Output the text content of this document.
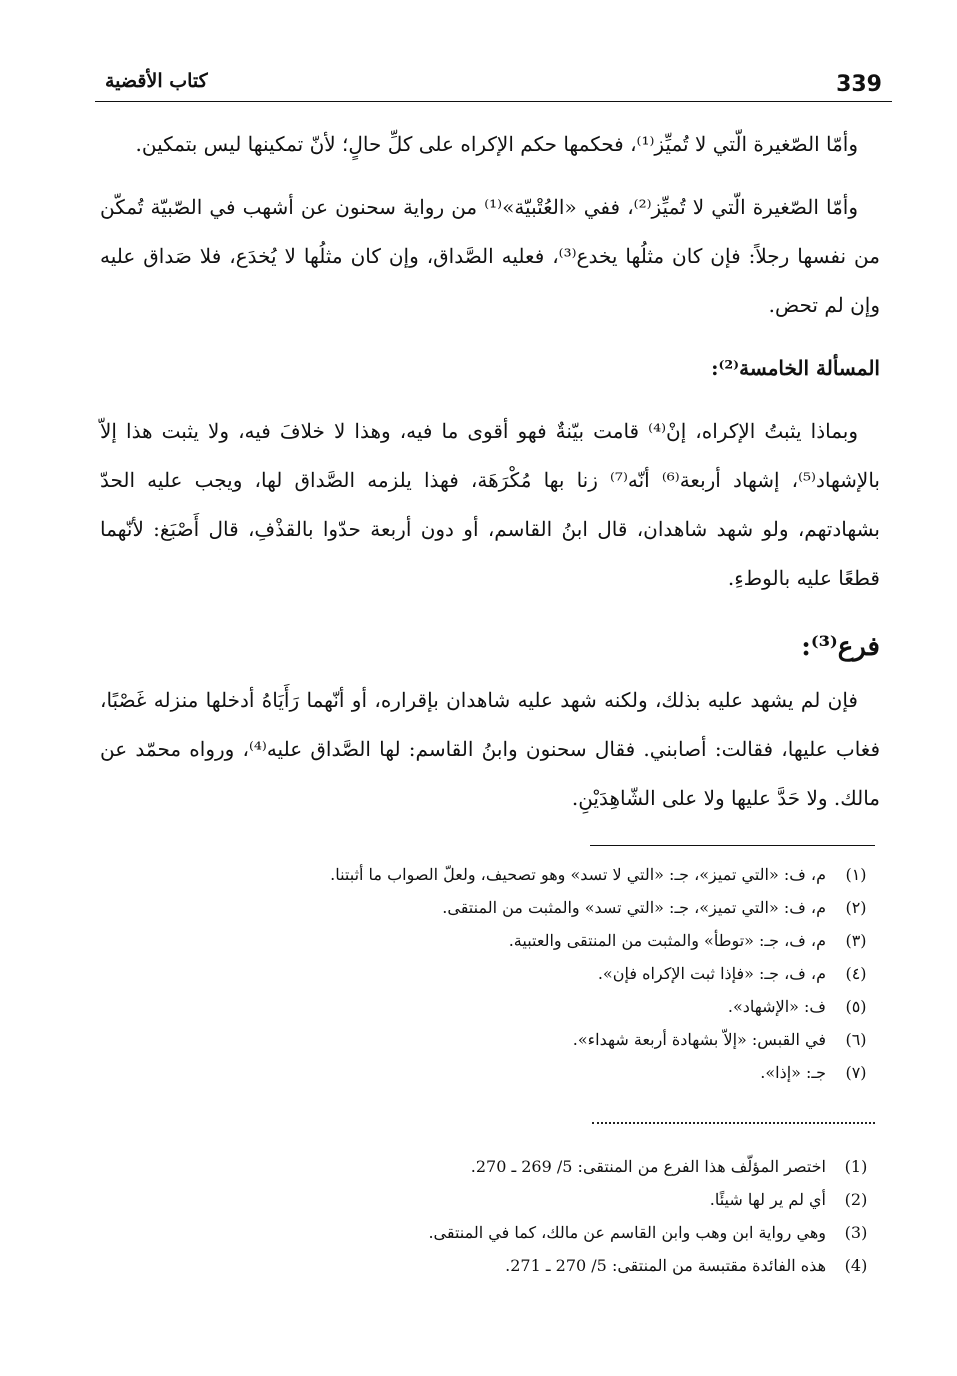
كتاب الأقضية	339

وأمّا الصّغيرة الّتي لا تُميِّز⁽¹⁾، فحكمها حكم الإكراه على كلِّ حالٍ؛ لأنّ تمكينها ليس بتمكين.

وأمّا الصّغيرة الّتي لا تُميِّز⁽²⁾، ففي «العُتْبيّة»⁽¹⁾ من رواية سحنون عن أشهب في الصّبيّة تُمكّن من نفسها رجلاً: فإن كان مثلُها يخدع⁽³⁾، فعليه الصَّداق، وإن كان مثلُها لا يُخدَع، فلا صَداق عليه وإن لم تحض.

المسألة الخامسة⁽²⁾:

وبماذا يثبتُ الإكراه، إنْ⁽⁴⁾ قامت بيّنةٌ فهو أقوى ما فيه، وهذا لا خلافَ فيه، ولا يثبت هذا إلاّ بالإشهاد⁽⁵⁾، إشهاد أربعة⁽⁶⁾ أنّه⁽⁷⁾ زنا بها مُكْرَهَة، فهذا يلزمه الصَّداق لها، ويجب عليه الحدّ بشهادتهم، ولو شهد شاهدان، قال ابنُ القاسم، أو دون أربعة حدّوا بالقذْفِ، قال أَصْبَغ: لأنّهما قطعًا عليه بالوطءِ.

فرع⁽³⁾:

فإن لم يشهد عليه بذلك، ولكنه شهد عليه شاهدان بإقراره، أو أنّهما رَأَيَاهُ أدخلها منزله غَصْبًا، فغاب عليها، فقالت: أصابني. فقال سحنون وابنُ القاسم: لها الصَّداق عليه⁽⁴⁾، ورواه محمّد عن مالك. ولا حَدَّ عليها ولا على الشّاهِدَيْنِ.

(١)
م، ف: «التي تميز»، جـ: «التي لا تسد» وهو تصحيف، ولعلّ الصواب ما أثبتنا.
(٢)
م، ف: «التي تميز»، جـ: «التي تسد» والمثبت من المنتقى.
(٣)
م، ف، جـ: «توطأ» والمثبت من المنتقى والعتبية.
(٤)
م، ف، جـ: «فإذا ثبت الإكراه فإن».
(٥)
ف: «الإشهاد».
(٦)
في القبس: «إلاّ بشهادة أربعة شهداء».
(٧)
جـ: «إذا».
(1)
اختصر المؤلّف هذا الفرع من المنتقى: 5/ 269 ـ 270.
(2)
أي لم ير لها شيئًا.
(3)
وهي رواية ابن وهب وابن القاسم عن مالك، كما في المنتقى.
(4)
هذه الفائدة مقتبسة من المنتقى: 5/ 270 ـ 271.
